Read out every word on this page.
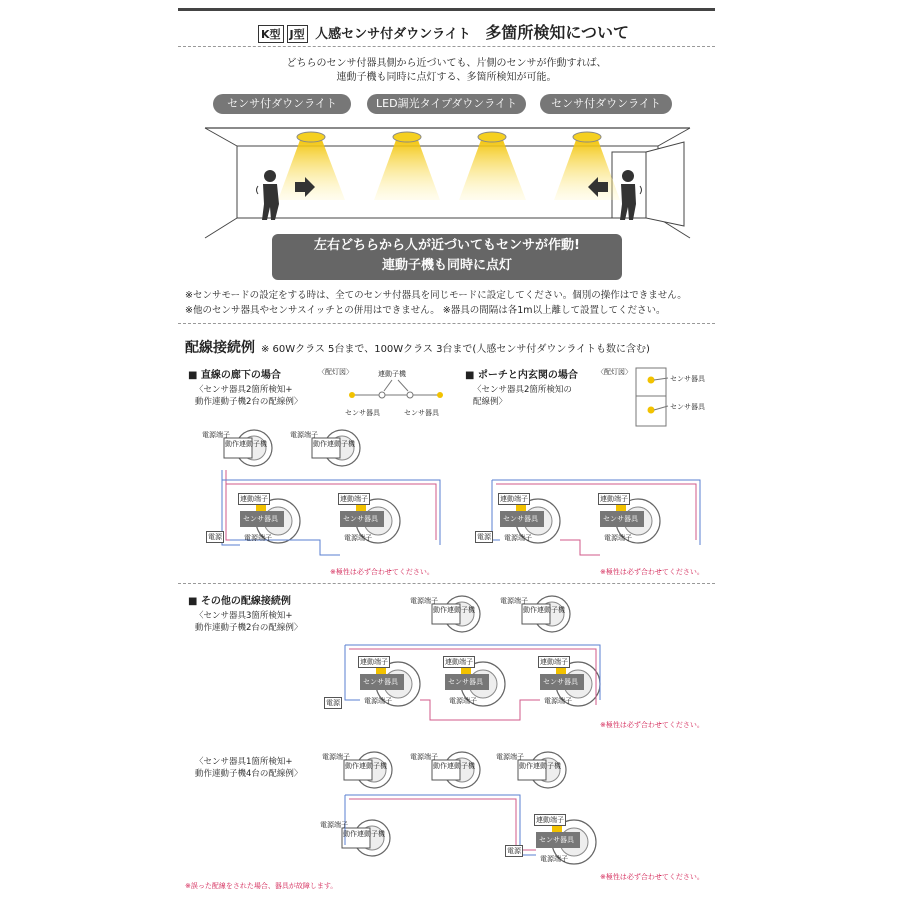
K型 J型 人感センサ付ダウンライト 多箇所検知について
どちらのセンサ付器具側から近づいても、片側のセンサが作動すれば、
連動子機も同時に点灯する、多箇所検知が可能。
センサ付ダウンライト	LED調光タイプダウンライト	センサ付ダウンライト
左右どちらから人が近づいてもセンサが作動!
連動子機も同時に点灯
※センサモードの設定をする時は、全てのセンサ付器具を同じモードに設定してください。個別の操作はできません。
※他のセンサ器具やセンサスイッチとの併用はできません。 ※器具の間隔は各1m以上離して設置してください。
配線接続例 ※ 60Wクラス 5台まで、100Wクラス 3台まで(人感センサ付ダウンライトも数に含む)
■ 直線の廊下の場合
〈センサ器具2箇所検知+
動作連動子機2台の配線例〉
〈配灯図〉	連動子機
センサ器具	センサ器具
■ ポーチと内玄関の場合
〈センサ器具2箇所検知の
配線例〉
〈配灯図〉
センサ器具
センサ器具
※極性は必ず合わせてください。	※極性は必ず合わせてください。
■ その他の配線接続例
〈センサ器具3箇所検知+
動作連動子機2台の配線例〉
※極性は必ず合わせてください。
〈センサ器具1箇所検知+
動作連動子機4台の配線例〉
※極性は必ず合わせてください。
※誤った配線をされた場合、器具が故障します。
動作連動子機
電源端子
動作連動子機
電源端子
センサ器具
連動端子
電源端子
センサ器具
連動端子
電源端子
電源
センサ器具
連動端子
電源端子
センサ器具
連動端子
電源端子
電源
動作連動子機
電源端子
動作連動子機
電源端子
センサ器具
連動端子
電源端子
センサ器具
連動端子
電源端子
センサ器具
連動端子
電源端子
電源
動作連動子機
電源端子
動作連動子機
電源端子
動作連動子機
電源端子
動作連動子機
電源端子
センサ器具
連動端子
電源端子
電源
